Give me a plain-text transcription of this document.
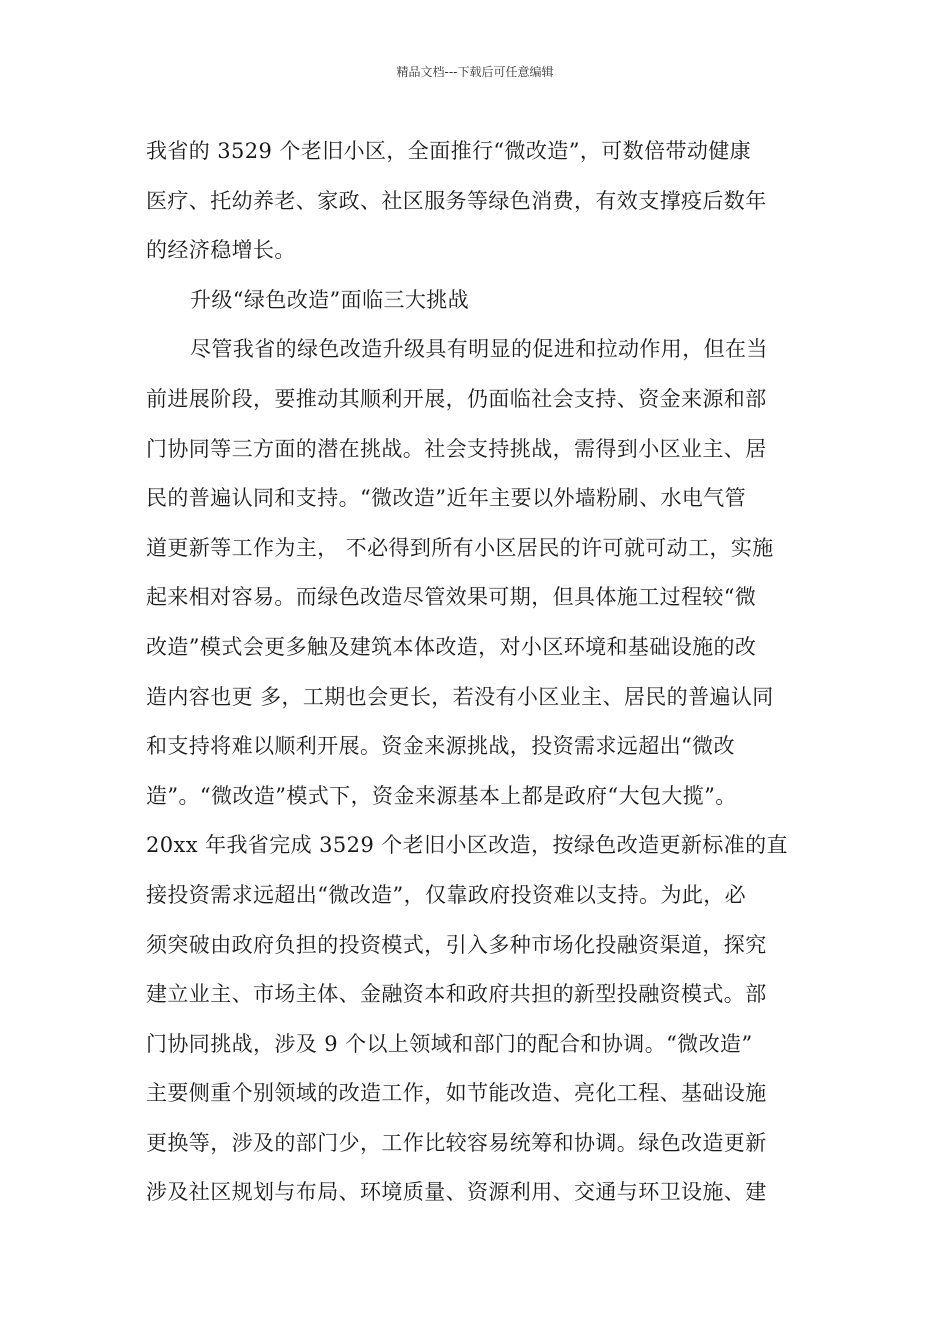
精品文档---下载后可任意编辑
我省的 3529 个老旧小区，全面推行“微改造”，可数倍带动健康
医疗、托幼养老、家政、社区服务等绿色消费，有效支撑疫后数年
的经济稳增长。
升级“绿色改造”面临三大挑战
尽管我省的绿色改造升级具有明显的促进和拉动作用，但在当
前进展阶段，要推动其顺利开展，仍面临社会支持、资金来源和部
门协同等三方面的潜在挑战。社会支持挑战，需得到小区业主、居
民的普遍认同和支持。“微改造”近年主要以外墙粉刷、水电气管
道更新等工作为主， 不必得到所有小区居民的许可就可动工，实施
起来相对容易。而绿色改造尽管效果可期，但具体施工过程较“微
改造”模式会更多触及建筑本体改造，对小区环境和基础设施的改
造内容也更 多，工期也会更长，若没有小区业主、居民的普遍认同
和支持将难以顺利开展。资金来源挑战，投资需求远超出“微改
造”。“微改造”模式下，资金来源基本上都是政府“大包大揽”。
20xx 年我省完成 3529 个老旧小区改造，按绿色改造更新标准的直
接投资需求远超出“微改造”，仅靠政府投资难以支持。为此，必
须突破由政府负担的投资模式，引入多种市场化投融资渠道，探究
建立业主、市场主体、金融资本和政府共担的新型投融资模式。部
门协同挑战，涉及 9 个以上领域和部门的配合和协调。“微改造”
主要侧重个别领域的改造工作，如节能改造、亮化工程、基础设施
更换等，涉及的部门少，工作比较容易统筹和协调。绿色改造更新
涉及社区规划与布局、环境质量、资源利用、交通与环卫设施、建
